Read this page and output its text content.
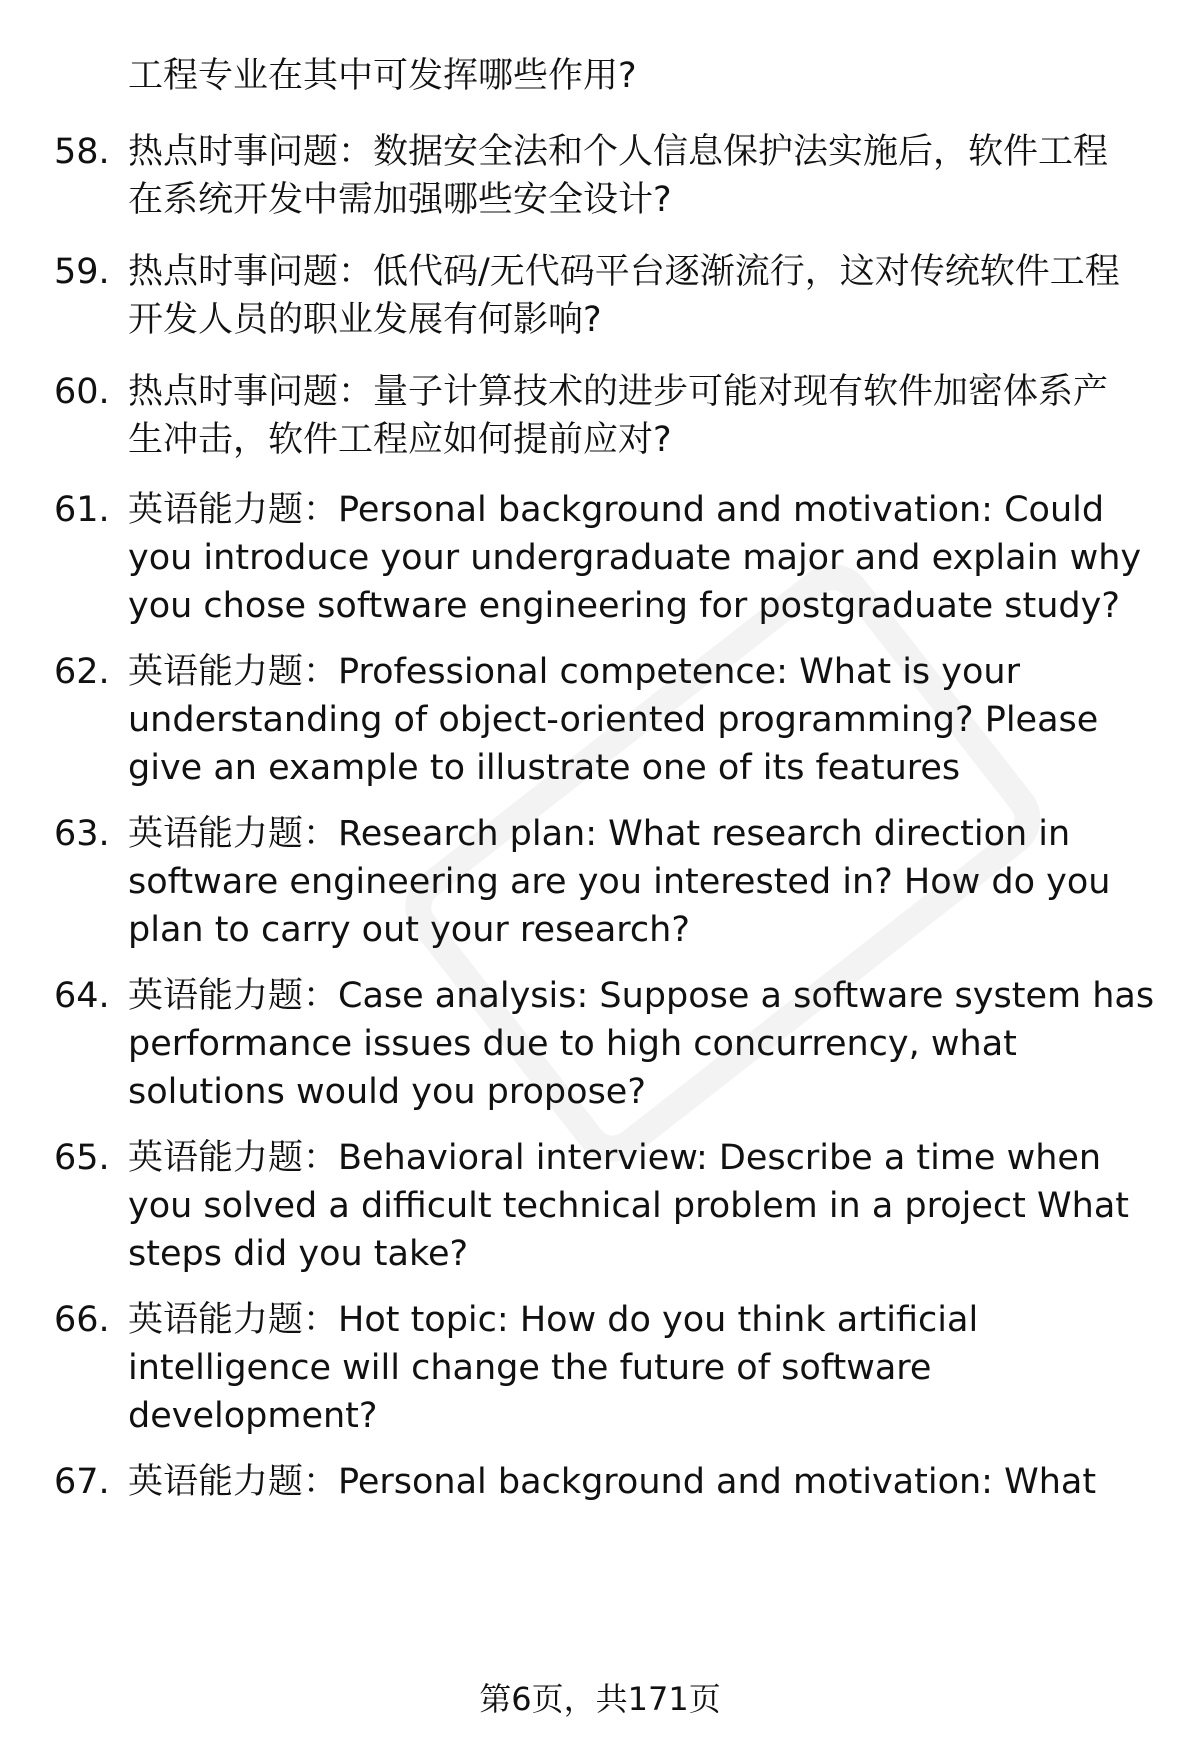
工程专业在其中可发挥哪些作用?
58. 热点时事问题：数据安全法和个人信息保护法实施后，软件工程
在系统开发中需加强哪些安全设计?
59. 热点时事问题：低代码/无代码平台逐渐流行，这对传统软件工程
开发人员的职业发展有何影响?
60. 热点时事问题：量子计算技术的进步可能对现有软件加密体系产
生冲击，软件工程应如何提前应对?
61. 英语能力题：Personal background and motivation: Could
you introduce your undergraduate major and explain why
you chose software engineering for postgraduate study?
62. 英语能力题：Professional competence: What is your
understanding of object-oriented programming? Please
give an example to illustrate one of its features
63. 英语能力题：Research plan: What research direction in
software engineering are you interested in? How do you
plan to carry out your research?
64. 英语能力题：Case analysis: Suppose a software system has
performance issues due to high concurrency, what
solutions would you propose?
65. 英语能力题：Behavioral interview: Describe a time when
you solved a difficult technical problem in a project What
steps did you take?
66. 英语能力题：Hot topic: How do you think artificial
intelligence will change the future of software
development?
67. 英语能力题：Personal background and motivation: What
第6页，共171页
